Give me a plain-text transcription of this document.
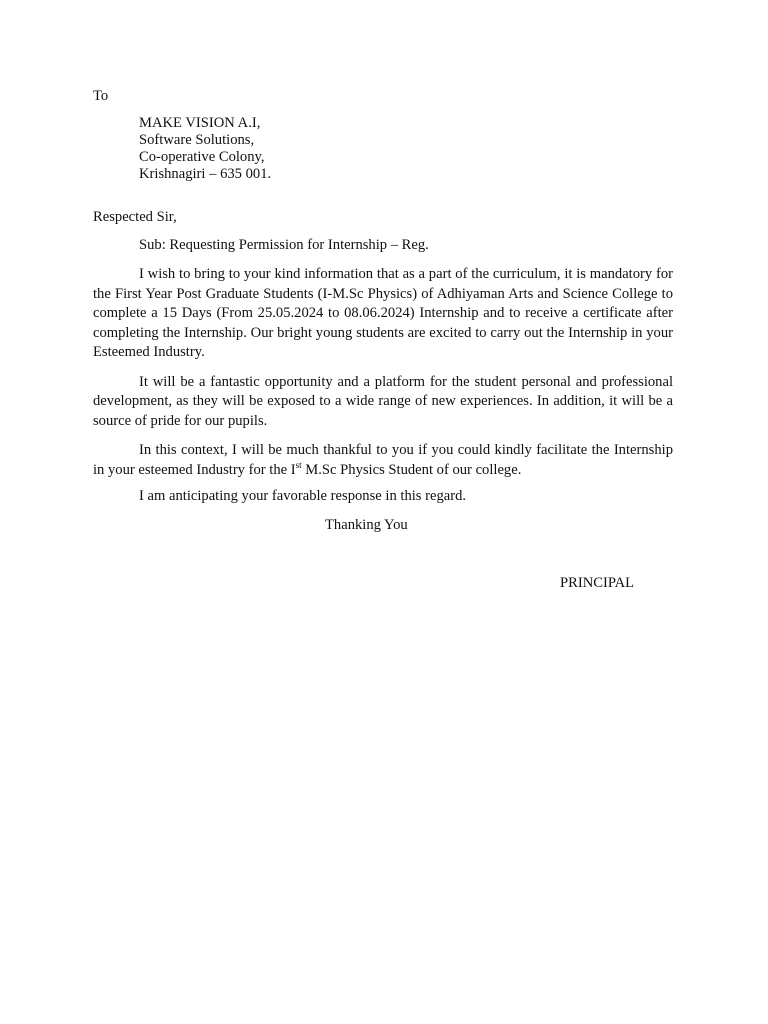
To
MAKE VISION A.I,
Software Solutions,
Co-operative Colony,
Krishnagiri – 635 001.
Respected Sir,
Sub: Requesting Permission for Internship – Reg.

I wish to bring to your kind information that as a part of the curriculum, it is mandatory for the First Year Post Graduate Students (I-M.Sc Physics) of Adhiyaman Arts and Science College to complete a 15 Days (From 25.05.2024 to 08.06.2024) Internship and to receive a certificate after completing the Internship. Our bright young students are excited to carry out the Internship in your Esteemed Industry.

It will be a fantastic opportunity and a platform for the student personal and professional development, as they will be exposed to a wide range of new experiences. In addition, it will be a source of pride for our pupils.

In this context, I will be much thankful to you if you could kindly facilitate the Internship in your esteemed Industry for the Ist M.Sc Physics Student of our college.

I am anticipating your favorable response in this regard.
Thanking You
PRINCIPAL
